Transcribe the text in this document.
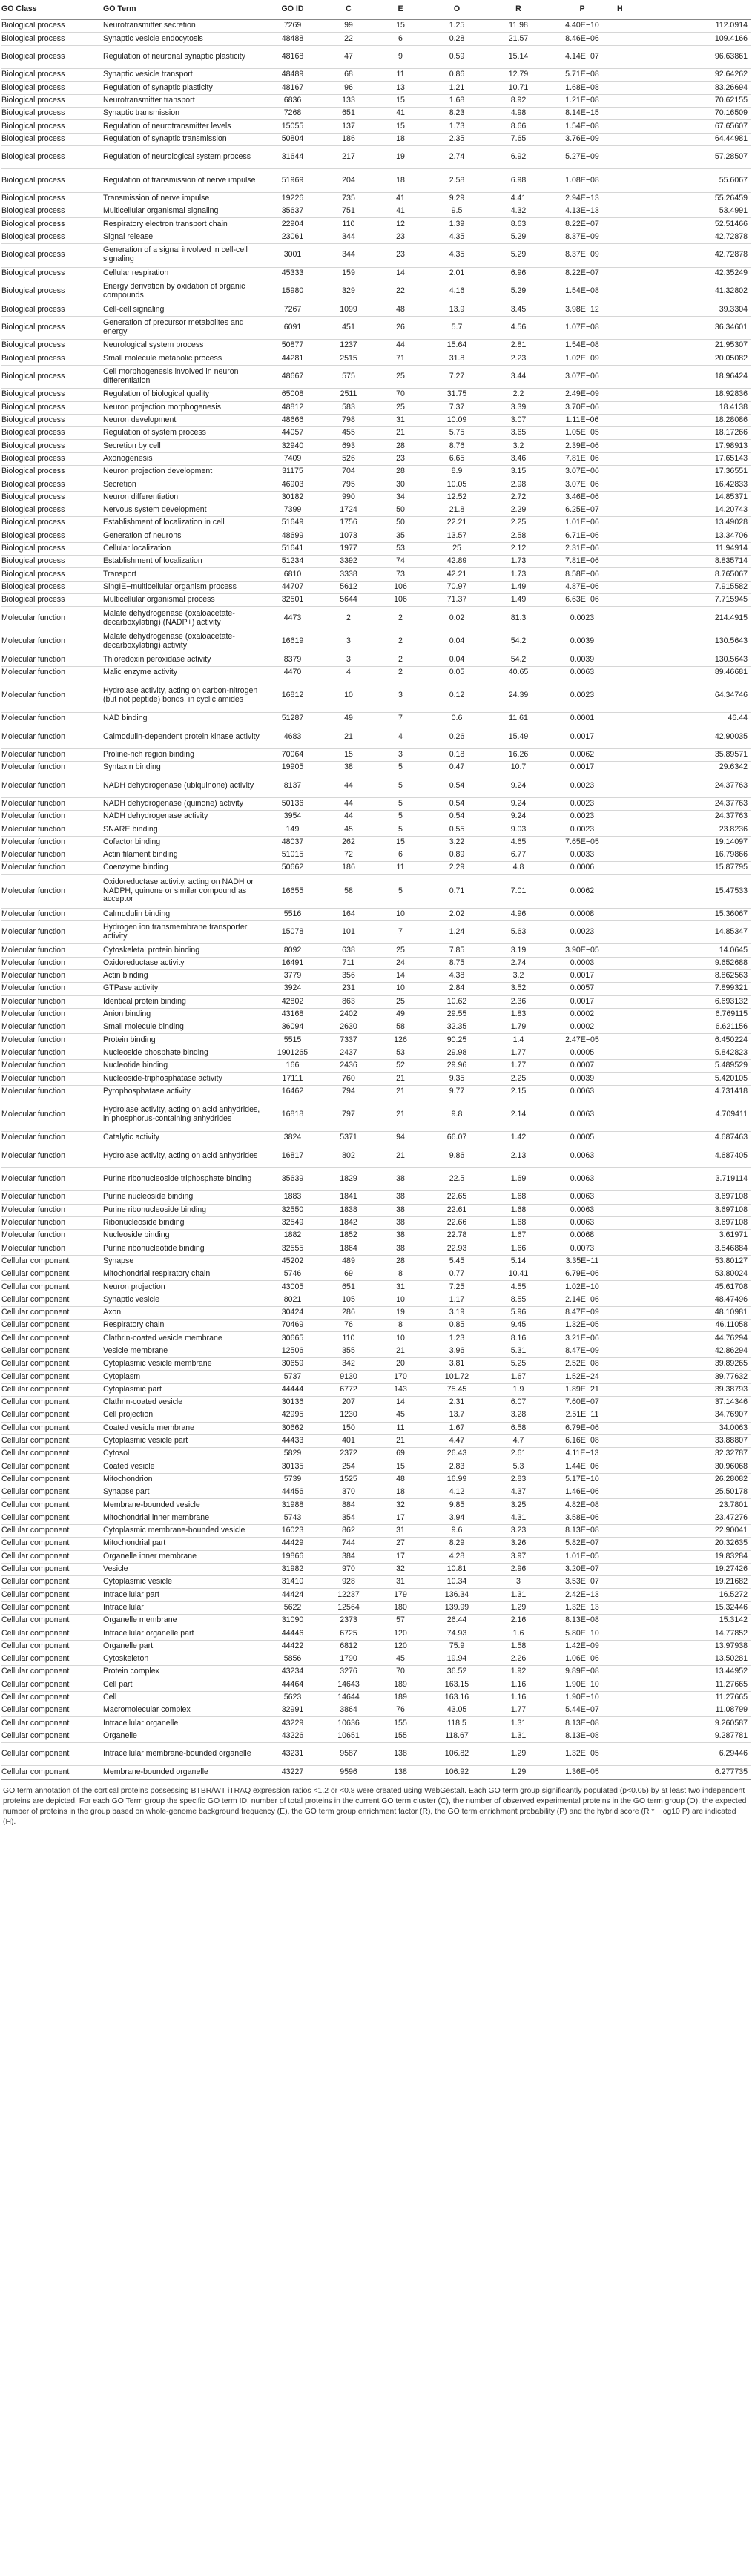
GO Class	GO Term	GO ID	C	E	O	R	P	H
Biological process	Neurotransmitter secretion	7269	99	15	1.25	11.98	4.40E−10	112.0914
Biological process	Synaptic vesicle endocytosis	48488	22	6	0.28	21.57	8.46E−06	109.4166
Biological process	Regulation of neuronal synaptic plasticity	48168	47	9	0.59	15.14	4.14E−07	96.63861
Biological process	Synaptic vesicle transport	48489	68	11	0.86	12.79	5.71E−08	92.64262
Biological process	Regulation of synaptic plasticity	48167	96	13	1.21	10.71	1.68E−08	83.26694
Biological process	Neurotransmitter transport	6836	133	15	1.68	8.92	1.21E−08	70.62155
Biological process	Synaptic transmission	7268	651	41	8.23	4.98	8.14E−15	70.16509
Biological process	Regulation of neurotransmitter levels	15055	137	15	1.73	8.66	1.54E−08	67.65607
Biological process	Regulation of synaptic transmission	50804	186	18	2.35	7.65	3.76E−09	64.44981
Biological process	Regulation of neurological system process	31644	217	19	2.74	6.92	5.27E−09	57.28507
Biological process	Regulation of transmission of nerve impulse	51969	204	18	2.58	6.98	1.08E−08	55.6067
Biological process	Transmission of nerve impulse	19226	735	41	9.29	4.41	2.94E−13	55.26459
Biological process	Multicellular organismal signaling	35637	751	41	9.5	4.32	4.13E−13	53.4991
Biological process	Respiratory electron transport chain	22904	110	12	1.39	8.63	8.22E−07	52.51466
Biological process	Signal release	23061	344	23	4.35	5.29	8.37E−09	42.72878
Biological process	Generation of a signal involved in cell-cell signaling	3001	344	23	4.35	5.29	8.37E−09	42.72878
Biological process	Cellular respiration	45333	159	14	2.01	6.96	8.22E−07	42.35249
Biological process	Energy derivation by oxidation of organic compounds	15980	329	22	4.16	5.29	1.54E−08	41.32802
Biological process	Cell-cell signaling	7267	1099	48	13.9	3.45	3.98E−12	39.3304
Biological process	Generation of precursor metabolites and energy	6091	451	26	5.7	4.56	1.07E−08	36.34601
Biological process	Neurological system process	50877	1237	44	15.64	2.81	1.54E−08	21.95307
Biological process	Small molecule metabolic process	44281	2515	71	31.8	2.23	1.02E−09	20.05082
Biological process	Cell morphogenesis involved in neuron differentiation	48667	575	25	7.27	3.44	3.07E−06	18.96424
Biological process	Regulation of biological quality	65008	2511	70	31.75	2.2	2.49E−09	18.92836
Biological process	Neuron projection morphogenesis	48812	583	25	7.37	3.39	3.70E−06	18.4138
Biological process	Neuron development	48666	798	31	10.09	3.07	1.11E−06	18.28086
Biological process	Regulation of system process	44057	455	21	5.75	3.65	1.05E−05	18.17266
Biological process	Secretion by cell	32940	693	28	8.76	3.2	2.39E−06	17.98913
Biological process	Axonogenesis	7409	526	23	6.65	3.46	7.81E−06	17.65143
Biological process	Neuron projection development	31175	704	28	8.9	3.15	3.07E−06	17.36551
Biological process	Secretion	46903	795	30	10.05	2.98	3.07E−06	16.42833
Biological process	Neuron differentiation	30182	990	34	12.52	2.72	3.46E−06	14.85371
Biological process	Nervous system development	7399	1724	50	21.8	2.29	6.25E−07	14.20743
Biological process	Establishment of localization in cell	51649	1756	50	22.21	2.25	1.01E−06	13.49028
Biological process	Generation of neurons	48699	1073	35	13.57	2.58	6.71E−06	13.34706
Biological process	Cellular localization	51641	1977	53	25	2.12	2.31E−06	11.94914
Biological process	Establishment of localization	51234	3392	74	42.89	1.73	7.81E−06	8.835714
Biological process	Transport	6810	3338	73	42.21	1.73	8.58E−06	8.765067
Biological process	SingIE−multicellular organism process	44707	5612	106	70.97	1.49	4.87E−06	7.915582
Biological process	Multicellular organismal process	32501	5644	106	71.37	1.49	6.63E−06	7.715945
Molecular function	Malate dehydrogenase (oxaloacetate-decarboxylating) (NADP+) activity	4473	2	2	0.02	81.3	0.0023	214.4915
Molecular function	Malate dehydrogenase (oxaloacetate-decarboxylating) activity	16619	3	2	0.04	54.2	0.0039	130.5643
Molecular function	Thioredoxin peroxidase activity	8379	3	2	0.04	54.2	0.0039	130.5643
Molecular function	Malic enzyme activity	4470	4	2	0.05	40.65	0.0063	89.46681
Molecular function	Hydrolase activity, acting on carbon-nitrogen (but not peptide) bonds, in cyclic amides	16812	10	3	0.12	24.39	0.0023	64.34746
Molecular function	NAD binding	51287	49	7	0.6	11.61	0.0001	46.44
Molecular function	Calmodulin-dependent protein kinase activity	4683	21	4	0.26	15.49	0.0017	42.90035
Molecular function	Proline-rich region binding	70064	15	3	0.18	16.26	0.0062	35.89571
Molecular function	Syntaxin binding	19905	38	5	0.47	10.7	0.0017	29.6342
Molecular function	NADH dehydrogenase (ubiquinone) activity	8137	44	5	0.54	9.24	0.0023	24.37763
Molecular function	NADH dehydrogenase (quinone) activity	50136	44	5	0.54	9.24	0.0023	24.37763
Molecular function	NADH dehydrogenase activity	3954	44	5	0.54	9.24	0.0023	24.37763
Molecular function	SNARE binding	149	45	5	0.55	9.03	0.0023	23.8236
Molecular function	Cofactor binding	48037	262	15	3.22	4.65	7.65E−05	19.14097
Molecular function	Actin filament binding	51015	72	6	0.89	6.77	0.0033	16.79866
Molecular function	Coenzyme binding	50662	186	11	2.29	4.8	0.0006	15.87795
Molecular function	Oxidoreductase activity, acting on NADH or NADPH, quinone or similar compound as acceptor	16655	58	5	0.71	7.01	0.0062	15.47533
Molecular function	Calmodulin binding	5516	164	10	2.02	4.96	0.0008	15.36067
Molecular function	Hydrogen ion transmembrane transporter activity	15078	101	7	1.24	5.63	0.0023	14.85347
Molecular function	Cytoskeletal protein binding	8092	638	25	7.85	3.19	3.90E−05	14.0645
Molecular function	Oxidoreductase activity	16491	711	24	8.75	2.74	0.0003	9.652688
Molecular function	Actin binding	3779	356	14	4.38	3.2	0.0017	8.862563
Molecular function	GTPase activity	3924	231	10	2.84	3.52	0.0057	7.899321
Molecular function	Identical protein binding	42802	863	25	10.62	2.36	0.0017	6.693132
Molecular function	Anion binding	43168	2402	49	29.55	1.83	0.0002	6.769115
Molecular function	Small molecule binding	36094	2630	58	32.35	1.79	0.0002	6.621156
Molecular function	Protein binding	5515	7337	126	90.25	1.4	2.47E−05	6.450224
Molecular function	Nucleoside phosphate binding	1901265	2437	53	29.98	1.77	0.0005	5.842823
Molecular function	Nucleotide binding	166	2436	52	29.96	1.77	0.0007	5.489529
Molecular function	Nucleoside-triphosphatase activity	17111	760	21	9.35	2.25	0.0039	5.420105
Molecular function	Pyrophosphatase activity	16462	794	21	9.77	2.15	0.0063	4.731418
Molecular function	Hydrolase activity, acting on acid anhydrides, in phosphorus-containing anhydrides	16818	797	21	9.8	2.14	0.0063	4.709411
Molecular function	Catalytic activity	3824	5371	94	66.07	1.42	0.0005	4.687463
Molecular function	Hydrolase activity, acting on acid anhydrides	16817	802	21	9.86	2.13	0.0063	4.687405
Molecular function	Purine ribonucleoside triphosphate binding	35639	1829	38	22.5	1.69	0.0063	3.719114
Molecular function	Purine nucleoside binding	1883	1841	38	22.65	1.68	0.0063	3.697108
Molecular function	Purine ribonucleoside binding	32550	1838	38	22.61	1.68	0.0063	3.697108
Molecular function	Ribonucleoside binding	32549	1842	38	22.66	1.68	0.0063	3.697108
Molecular function	Nucleoside binding	1882	1852	38	22.78	1.67	0.0068	3.61971
Molecular function	Purine ribonucleotide binding	32555	1864	38	22.93	1.66	0.0073	3.546884
Cellular component	Synapse	45202	489	28	5.45	5.14	3.35E−11	53.80127
Cellular component	Mitochondrial respiratory chain	5746	69	8	0.77	10.41	6.79E−06	53.80024
Cellular component	Neuron projection	43005	651	31	7.25	4.55	1.02E−10	45.61708
Cellular component	Synaptic vesicle	8021	105	10	1.17	8.55	2.14E−06	48.47496
Cellular component	Axon	30424	286	19	3.19	5.96	8.47E−09	48.10981
Cellular component	Respiratory chain	70469	76	8	0.85	9.45	1.32E−05	46.11058
Cellular component	Clathrin-coated vesicle membrane	30665	110	10	1.23	8.16	3.21E−06	44.76294
Cellular component	Vesicle membrane	12506	355	21	3.96	5.31	8.47E−09	42.86294
Cellular component	Cytoplasmic vesicle membrane	30659	342	20	3.81	5.25	2.52E−08	39.89265
Cellular component	Cytoplasm	5737	9130	170	101.72	1.67	1.52E−24	39.77632
Cellular component	Cytoplasmic part	44444	6772	143	75.45	1.9	1.89E−21	39.38793
Cellular component	Clathrin-coated vesicle	30136	207	14	2.31	6.07	7.60E−07	37.14346
Cellular component	Cell projection	42995	1230	45	13.7	3.28	2.51E−11	34.76907
Cellular component	Coated vesicle membrane	30662	150	11	1.67	6.58	6.79E−06	34.0063
Cellular component	Cytoplasmic vesicle part	44433	401	21	4.47	4.7	6.16E−08	33.88807
Cellular component	Cytosol	5829	2372	69	26.43	2.61	4.11E−13	32.32787
Cellular component	Coated vesicle	30135	254	15	2.83	5.3	1.44E−06	30.96068
Cellular component	Mitochondrion	5739	1525	48	16.99	2.83	5.17E−10	26.28082
Cellular component	Synapse part	44456	370	18	4.12	4.37	1.46E−06	25.50178
Cellular component	Membrane-bounded vesicle	31988	884	32	9.85	3.25	4.82E−08	23.7801
Cellular component	Mitochondrial inner membrane	5743	354	17	3.94	4.31	3.58E−06	23.47276
Cellular component	Cytoplasmic membrane-bounded vesicle	16023	862	31	9.6	3.23	8.13E−08	22.90041
Cellular component	Mitochondrial part	44429	744	27	8.29	3.26	5.82E−07	20.32635
Cellular component	Organelle inner membrane	19866	384	17	4.28	3.97	1.01E−05	19.83284
Cellular component	Vesicle	31982	970	32	10.81	2.96	3.20E−07	19.27426
Cellular component	Cytoplasmic vesicle	31410	928	31	10.34	3	3.53E−07	19.21682
Cellular component	Intracellular part	44424	12237	179	136.34	1.31	2.42E−13	16.5272
Cellular component	Intracellular	5622	12564	180	139.99	1.29	1.32E−13	15.32446
Cellular component	Organelle membrane	31090	2373	57	26.44	2.16	8.13E−08	15.3142
Cellular component	Intracellular organelle part	44446	6725	120	74.93	1.6	5.80E−10	14.77852
Cellular component	Organelle part	44422	6812	120	75.9	1.58	1.42E−09	13.97938
Cellular component	Cytoskeleton	5856	1790	45	19.94	2.26	1.06E−06	13.50281
Cellular component	Protein complex	43234	3276	70	36.52	1.92	9.89E−08	13.44952
Cellular component	Cell part	44464	14643	189	163.15	1.16	1.90E−10	11.27665
Cellular component	Cell	5623	14644	189	163.16	1.16	1.90E−10	11.27665
Cellular component	Macromolecular complex	32991	3864	76	43.05	1.77	5.44E−07	11.08799
Cellular component	Intracellular organelle	43229	10636	155	118.5	1.31	8.13E−08	9.260587
Cellular component	Organelle	43226	10651	155	118.67	1.31	8.13E−08	9.287781
Cellular component	Intracellular membrane-bounded organelle	43231	9587	138	106.82	1.29	1.32E−05	6.29446
Cellular component	Membrane-bounded organelle	43227	9596	138	106.92	1.29	1.36E−05	6.277735
GO term annotation of the cortical proteins possessing BTBR/WT iTRAQ expression ratios <1.2 or <0.8 were created using WebGestalt. Each GO term group significantly populated (p<0.05) by at least two independent proteins are depicted. For each GO Term group the specific GO term ID, number of total proteins in the current GO term cluster (C), the number of observed experimental proteins in the GO term group (O), the expected number of proteins in the group based on whole-genome background frequency (E), the GO term group enrichment factor (R), the GO term enrichment probability (P) and the hybrid score (R * −log10 P) are indicated (H).
